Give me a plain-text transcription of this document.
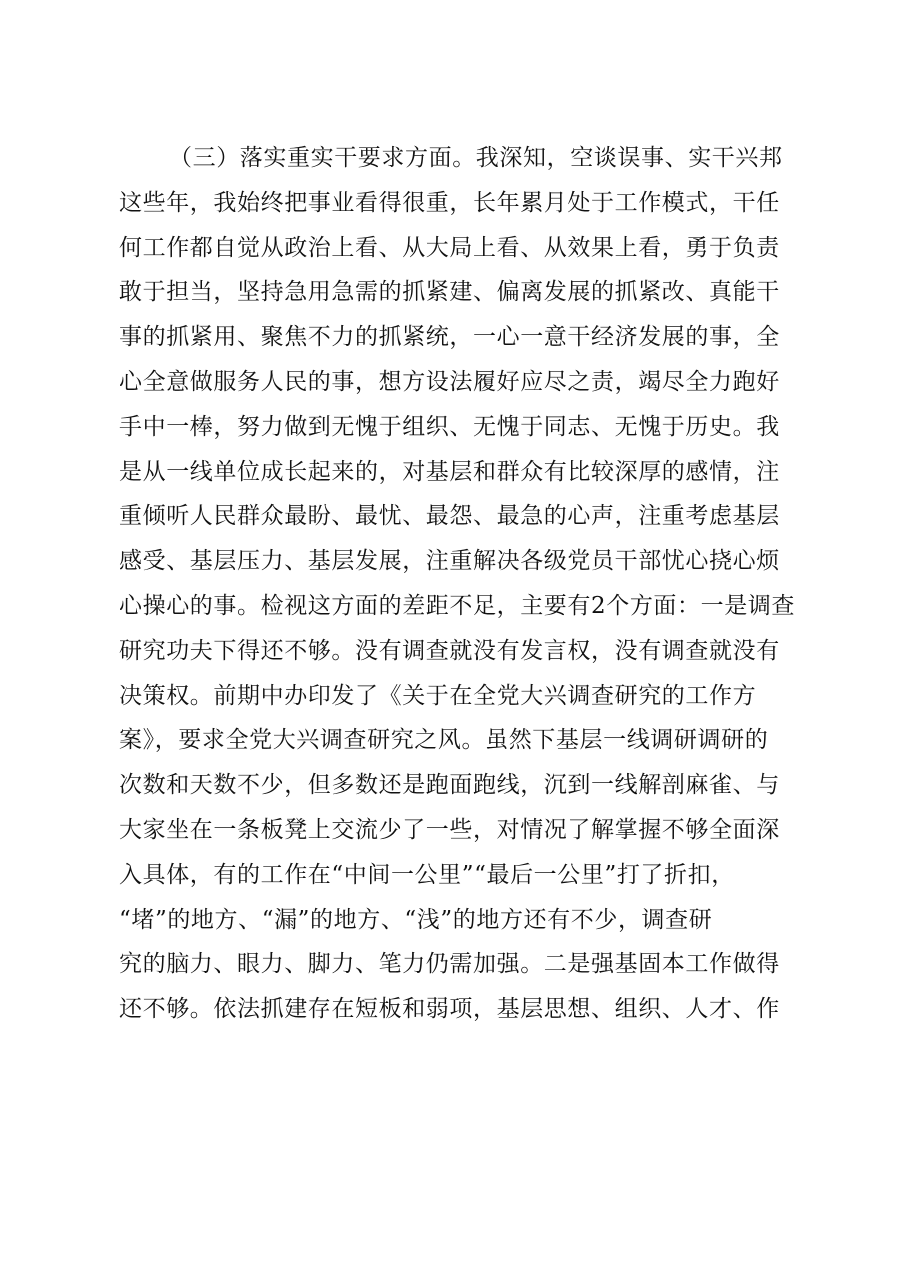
（三）落实重实干要求方面。我深知，空谈误事、实干兴邦
这些年，我始终把事业看得很重，长年累月处于工作模式，干任
何工作都自觉从政治上看、从大局上看、从效果上看，勇于负责
敢于担当，坚持急用急需的抓紧建、偏离发展的抓紧改、真能干
事的抓紧用、聚焦不力的抓紧统，一心一意干经济发展的事，全
心全意做服务人民的事，想方设法履好应尽之责，竭尽全力跑好
手中一棒，努力做到无愧于组织、无愧于同志、无愧于历史。我
是从一线单位成长起来的，对基层和群众有比较深厚的感情，注
重倾听人民群众最盼、最忧、最怨、最急的心声，注重考虑基层
感受、基层压力、基层发展，注重解决各级党员干部忧心挠心烦
心操心的事。检视这方面的差距不足，主要有2个方面：一是调查
研究功夫下得还不够。没有调查就没有发言权，没有调查就没有
决策权。前期中办印发了《关于在全党大兴调查研究的工作方
案》，要求全党大兴调查研究之风。虽然下基层一线调研调研的
次数和天数不少，但多数还是跑面跑线，沉到一线解剖麻雀、与
大家坐在一条板凳上交流少了一些，对情况了解掌握不够全面深
入具体，有的工作在“中间一公里”“最后一公里”打了折扣，
“堵”的地方、“漏”的地方、“浅”的地方还有不少，调查研
究的脑力、眼力、脚力、笔力仍需加强。二是强基固本工作做得
还不够。依法抓建存在短板和弱项，基层思想、组织、人才、作
